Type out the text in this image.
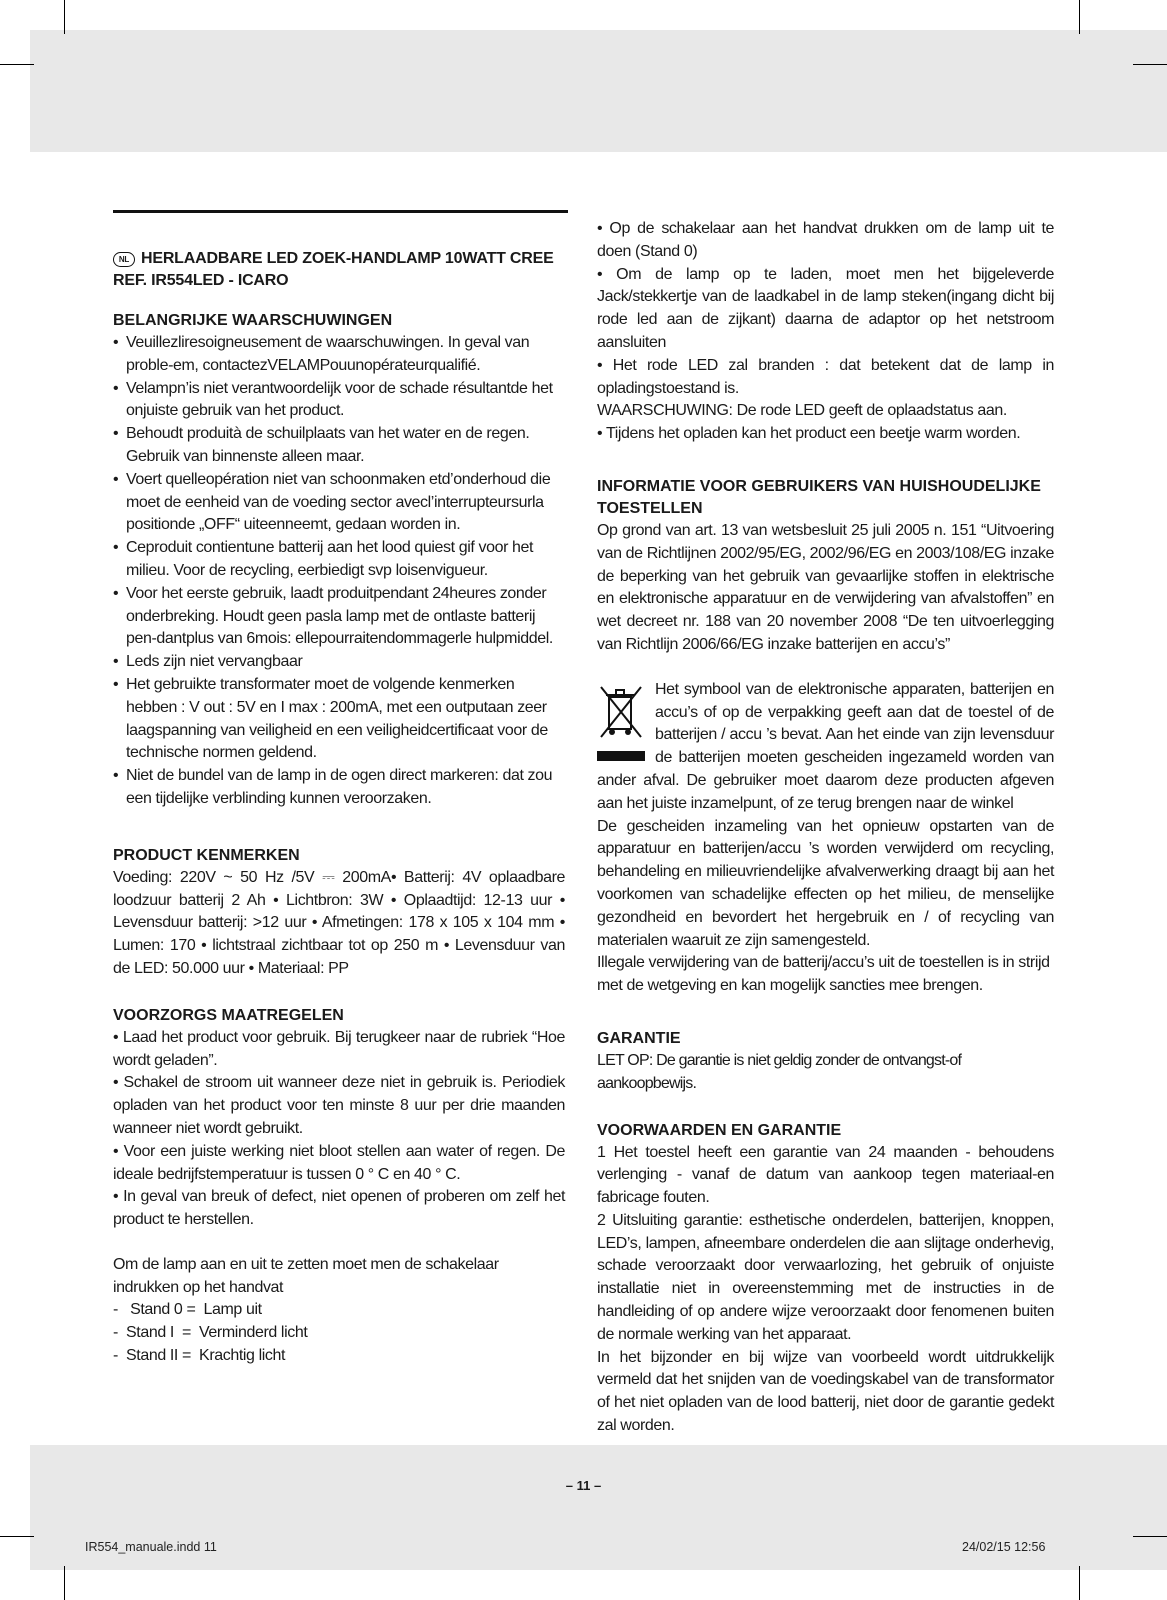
NL HERLAADBARE LED ZOEK-HANDLAMP 10WATT CREE
REF. IR554LED - ICARO
BELANGRIJKE WAARSCHUWINGEN
• Veuillezliresoigneusement de waarschuwingen. In geval van proble-em, contactezVELAMPouunopérateurqualifié.
• Velampn’is niet verantwoordelijk voor de schade résultantde het onjuiste gebruik van het product.
• Behoudt produità de schuilplaats van het water en de regen. Gebruik van binnenste alleen maar.
• Voert quelleopération niet van schoonmaken etd’onderhoud die moet de eenheid van de voeding sector avecl’interrupteursurla positionde „OFF“ uiteenneemt, gedaan worden in.
• Ceproduit contientune batterij aan het lood quiest gif voor het milieu. Voor de recycling, eerbiedigt svp loisenvigueur.
• Voor het eerste gebruik, laadt produitpendant 24heures zonder onderbreking. Houdt geen pasla lamp met de ontlaste batterij pen-dantplus van 6mois: ellepourraitendommagerle hulpmiddel.
• Leds zijn niet vervangbaar
• Het gebruikte transformater moet de volgende kenmerken hebben : V out : 5V en I max : 200mA, met een outputaan zeer laagspanning van veiligheid en een veiligheidcertificaat voor de technische normen geldend.
• Niet de bundel van de lamp in de ogen direct markeren: dat zou een tijdelijke verblinding kunnen veroorzaken.
PRODUCT KENMERKEN

Voeding: 220V ~ 50 Hz /5V ⎓ 200mA• Batterij: 4V oplaadbare loodzuur batterij 2 Ah • Lichtbron: 3W • Oplaadtijd: 12-13 uur • Levensduur batterij: >12 uur • Afmetingen: 178 x 105 x 104 mm • Lumen: 170 • lichtstraal zichtbaar tot op 250 m • Levensduur van de LED: 50.000 uur • Materiaal: PP

VOORZORGS MAATREGELEN

• Laad het product voor gebruik. Bij terugkeer naar de rubriek “Hoe wordt geladen”.

• Schakel de stroom uit wanneer deze niet in gebruik is. Periodiek opladen van het product voor ten minste 8 uur per drie maanden wanneer niet wordt gebruikt.

• Voor een juiste werking niet bloot stellen aan water of regen. De ideale bedrijfstemperatuur is tussen 0 ° C en 40 ° C.

• In geval van breuk of defect, niet openen of proberen om zelf het product te herstellen.

Om de lamp aan en uit te zetten moet men de schakelaar indrukken op het handvat

-   Stand 0 =  Lamp uit
-  Stand I  =  Verminderd licht
-  Stand II =  Krachtig licht

• Op de schakelaar aan het handvat drukken om de lamp uit te doen (Stand 0)

• Om de lamp op te laden, moet men het bijgeleverde Jack/stekkertje van de laadkabel in de lamp steken(ingang dicht bij rode led aan de zijkant) daarna de adaptor op het netstroom aansluiten

• Het rode LED zal branden : dat betekent dat de lamp in opladingstoestand is.

WAARSCHUWING: De rode LED geeft de oplaadstatus aan.

• Tijdens het opladen kan het product een beetje warm worden.

INFORMATIE VOOR GEBRUIKERS VAN HUISHOUDELIJKE
TOESTELLEN

Op grond van art. 13 van wetsbesluit 25 juli 2005 n. 151 “Uitvoering van de Richtlijnen 2002/95/EG, 2002/96/EG en 2003/108/EG inzake de beperking van het gebruik van gevaarlijke stoffen in elektrische en elektronische apparatuur en de verwijdering van afvalstoffen” en wet decreet nr. 188 van 20 november 2008 “De ten uitvoerlegging van Richtlijn 2006/66/EG inzake batterijen en accu’s”

Het symbool van de elektronische apparaten, batterijen en accu’s of op de verpakking geeft aan dat de toestel of de batterijen / accu ’s bevat. Aan het einde van zijn levensduur de batterijen moeten gescheiden ingezameld worden van ander afval. De gebruiker moet daarom deze producten afgeven aan het juiste inzamelpunt, of ze terug brengen naar de winkel

De gescheiden inzameling van het opnieuw opstarten van de apparatuur en batterijen/accu ’s worden verwijderd om recycling, behandeling en milieuvriendelijke afvalverwerking draagt bij aan het voorkomen van schadelijke effecten op het milieu, de menselijke gezondheid en bevordert het hergebruik en / of recycling van materialen waaruit ze zijn samengesteld.

Illegale verwijdering van de batterij/accu’s uit de toestellen is in strijd met de wetgeving en kan mogelijk sancties mee brengen.

GARANTIE

LET OP: De garantie is niet geldig zonder de ontvangst-of aankoopbewijs.

VOORWAARDEN EN GARANTIE

1 Het toestel heeft een garantie van 24 maanden - behoudens verlenging - vanaf de datum van aankoop tegen materiaal-en fabricage fouten.

2 Uitsluiting garantie: esthetische onderdelen, batterijen, knoppen, LED’s, lampen, afneembare onderdelen die aan slijtage onderhevig, schade veroorzaakt door verwaarlozing, het gebruik of onjuiste installatie niet in overeenstemming met de instructies in de handleiding of op andere wijze veroorzaakt door fenomenen buiten de normale werking van het apparaat.

In het bijzonder en bij wijze van voorbeeld wordt uitdrukkelijk vermeld dat het snijden van de voedingskabel van de transformator of het niet opladen van de lood batterij, niet door de garantie gedekt zal worden.

– 11 –
IR554_manuale.indd 11	24/02/15 12:56
